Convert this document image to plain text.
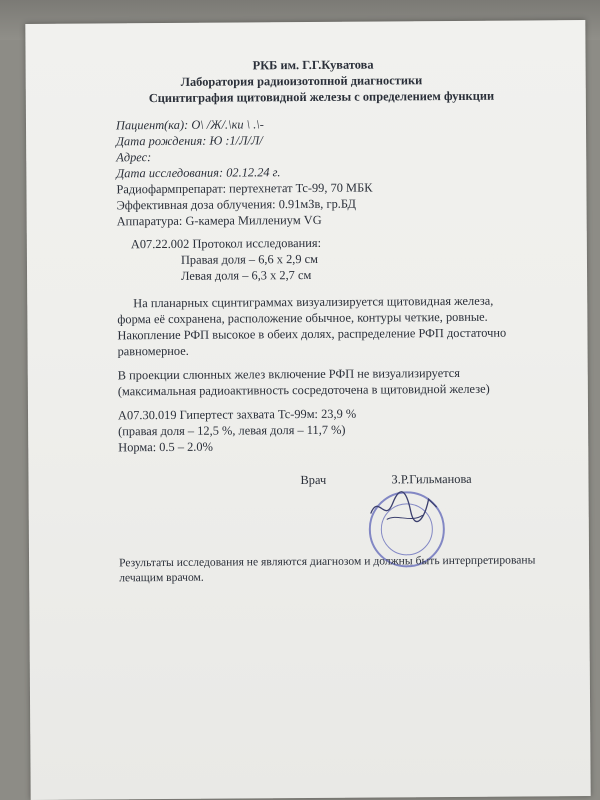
РКБ им. Г.Г.Куватова
Лаборатория радиоизотопной диагностики
Сцинтиграфия щитовидной железы с определением функции
Пациент(ка): О\ /Ж/.\ки \ .\-
Дата рождения: Ю :1/Л/Л/
Адрес:
Дата исследования: 02.12.24 г.
Радиофармпрепарат: пертехнетат Tc-99, 70 МБК
Эффективная доза облучения: 0.91мЗв, гр.БД
Аппаратура: G-камера Миллениум VG
А07.22.002 Протокол исследования:
Правая доля – 6,6 х 2,9 см
Левая доля – 6,3 х 2,7 см
На планарных сцинтиграммах визуализируется щитовидная железа,
форма её сохранена, расположение обычное, контуры четкие, ровные.
Накопление РФП высокое в обеих долях, распределение РФП достаточно
равномерное.
В проекции слюнных желез включение РФП не визуализируется
(максимальная радиоактивность сосредоточена в щитовидной железе)
А07.30.019 Гипертест захвата Tc-99м: 23,9 %
(правая доля – 12,5 %, левая доля – 11,7 %)
Норма: 0.5 – 2.0%
Врач	З.Р.Гильманова
Результаты исследования не являются диагнозом и должны быть интерпретированы
лечащим врачом.
